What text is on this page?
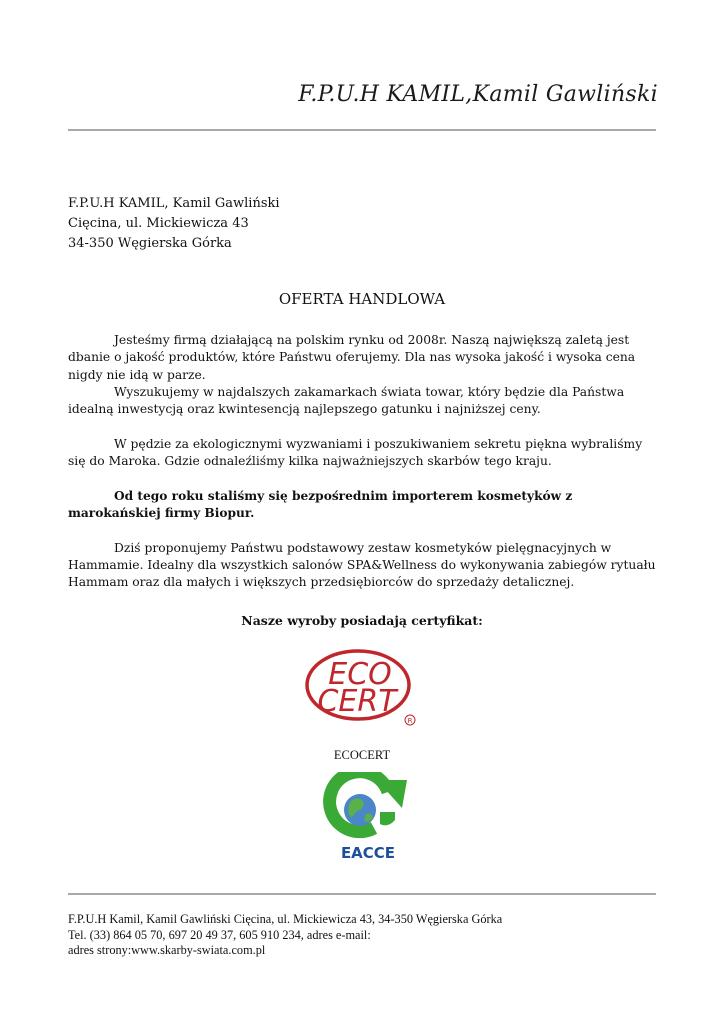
F.P.U.H KAMIL,Kamil Gawliński
F.P.U.H KAMIL, Kamil Gawliński
Cięcina, ul. Mickiewicza 43
34-350 Węgierska Górka
OFERTA HANDLOWA

Jesteśmy firmą działającą na polskim rynku od 2008r. Naszą największą zaletą jest dbanie o jakość produktów, które Państwu oferujemy. Dla nas wysoka jakość i wysoka cena nigdy nie idą w parze.

Wyszukujemy w najdalszych zakamarkach świata towar, który będzie dla Państwa idealną inwestycją oraz kwintesencją najlepszego gatunku i najniższej ceny.

W pędzie za ekologicznymi wyzwaniami i poszukiwaniem sekretu piękna wybraliśmy się do Maroka. Gdzie odnaleźliśmy kilka najważniejszych skarbów tego kraju.

Od tego roku staliśmy się bezpośrednim importerem kosmetyków z marokańskiej firmy Biopur.

Dziś proponujemy Państwu podstawowy zestaw kosmetyków pielęgnacyjnych w Hammamie. Idealny dla wszystkich salonów SPA&Wellness do wykonywania zabiegów rytuału Hammam oraz dla małych i większych przedsiębiorców do sprzedaży detalicznej.

Nasze wyroby posiadają certyfikat:
ECO
CERT
R
ECOCERT
EACCE
F.P.U.H Kamil, Kamil Gawliński Cięcina, ul. Mickiewicza 43, 34-350 Węgierska Górka
Tel. (33) 864 05 70, 697 20 49 37, 605 910 234, adres e-mail:
adres strony:www.skarby-swiata.com.pl
